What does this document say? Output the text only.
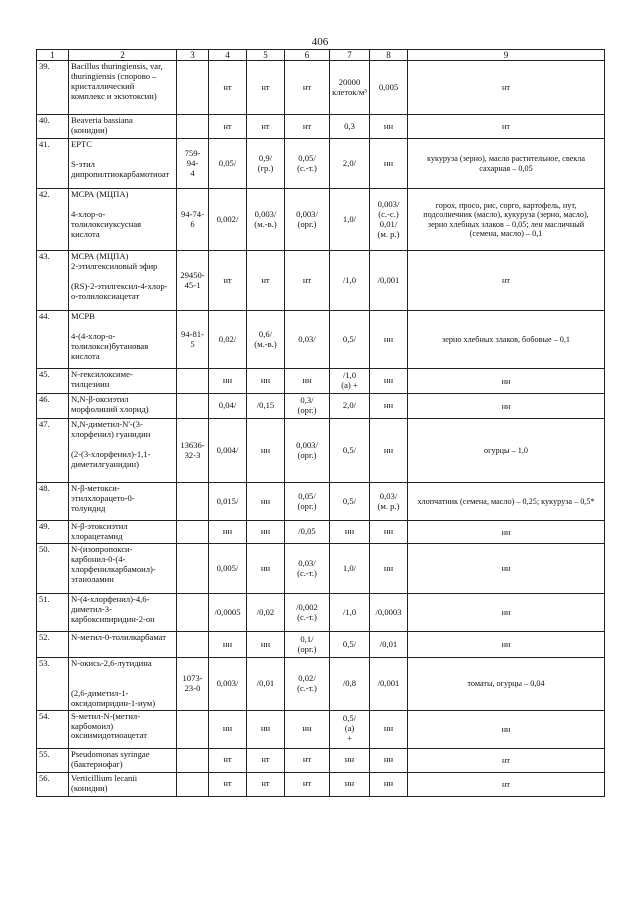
406
1	2	3	4	5	6	7	8	9
39.	Bacillus thuringiensis, var,
thuringiensis (спорово –
кристаллический
комплекс и экзотоксин)		нт	нт	нт	20000
клеток/м³	0,005	нт

40.	Beaveria bassiana
(конидии)		нт	нт	нт	0,3	нн	нт

41.	EPTC

S-этил
дипропилтиокарбамотиоат	759-94-
4	0,05/	0,9/
(гр.)	0,05/
(с.-т.)	2,0/	нн	кукуруза (зерно), масло растительное, свекла
сахарная – 0,05

42.	МСРА (МЦПА)

4-хлор-о-
толилоксиуксусная
кислота	94-74-6	0,002/	0,003/
(м.-в.)	0,003/
(орг.)	1,0/	0,003/
(с.-с.)
0,01/
(м. р.)	горох, просо, рис, сорго, картофель, нут,
подсолнечник (масло), кукуруза (зерно, масло),
зерно хлебных злаков – 0,05; лен масличный
(семена, масло) – 0,1

43.	МСРА (МЦПА)
2-этилгексиловый эфир

(RS)-2-этилгексил-4-хлор-
о-толилоксиацетат	29450-
45-1	нт	нт	нт	/1,0	/0,001	нт

44.	МСРВ

4-(4-хлор-о-
толилокси)бутановая
кислота	94-81-5	0,02/	0,6/
(м.-в.)	0,03/	0,5/	нн	зерно хлебных злаков, бобовые – 0,1

45.	N-гексилоксиме-
тилцезиин		нн	нн	нн	/1,0
(а) +	нн	нн

46.	N,N-β-оксиэтил
морфолиний хлорид)		0,04/	/0,15	0,3/
(орг.)	2,0/	нн	нн

47.	N,N-диметил-N'-(3-
хлорфенил) гуанидин

(2-(3-хлорфенил)-1,1-
диметилгуанидин)	13636-
32-3	0,004/	нн	0,003/
(орг.)	0,5/	нн	огурцы – 1,0

48.	N-β-метокси-
этилхлорацето-0-
толуидид		0,015/	нн	0,05/
(орг.)	0,5/	0,03/
(м. р.)	хлопчатник (семена, масло) – 0,25; кукуруза – 0,5*

49.	N-β-этоксиэтил
хлорацетамид		нн	нн	/0,05	нн	нн	нн

50.	N-(изопропокси-
карбонил-0-(4-
хлорфенилкарбамоил)-
этаноламин		0,005/	нн	0,03/
(с.-т.)	1,0/	нн	нн

51.	N-(4-хлорфенил)-4,6-
диметил-3-
карбоксипиридин-2-он		/0,0005	/0,02	/0,002
(с.-т.)	/1,0	/0,0003	нн

52.	N-метил-0-толилкарбамат		нн	нн	0,1/
(орг.)	0,5/	/0,01	нн

53.	N-окись-2,6-лутидина

(2,6-диметил-1-
оксидопиридин-1-иум)	1073-
23-0	0,003/	/0,01	0,02/
(с.-т.)	/0,8	/0,001	томаты, огурцы – 0,04

54.	S-метил-N-(метил-
карбомоил)
оксиимидотиоацетат		нн	нн	нн	0,5/
(а)
+	нн	нн

55.	Pseudomonas syringae
(бактериофаг)		нт	нт	нт	нн	нн	нт

56.	Verticillium lecanii
(конидии)		нт	нт	нт	нн	нн	нт
